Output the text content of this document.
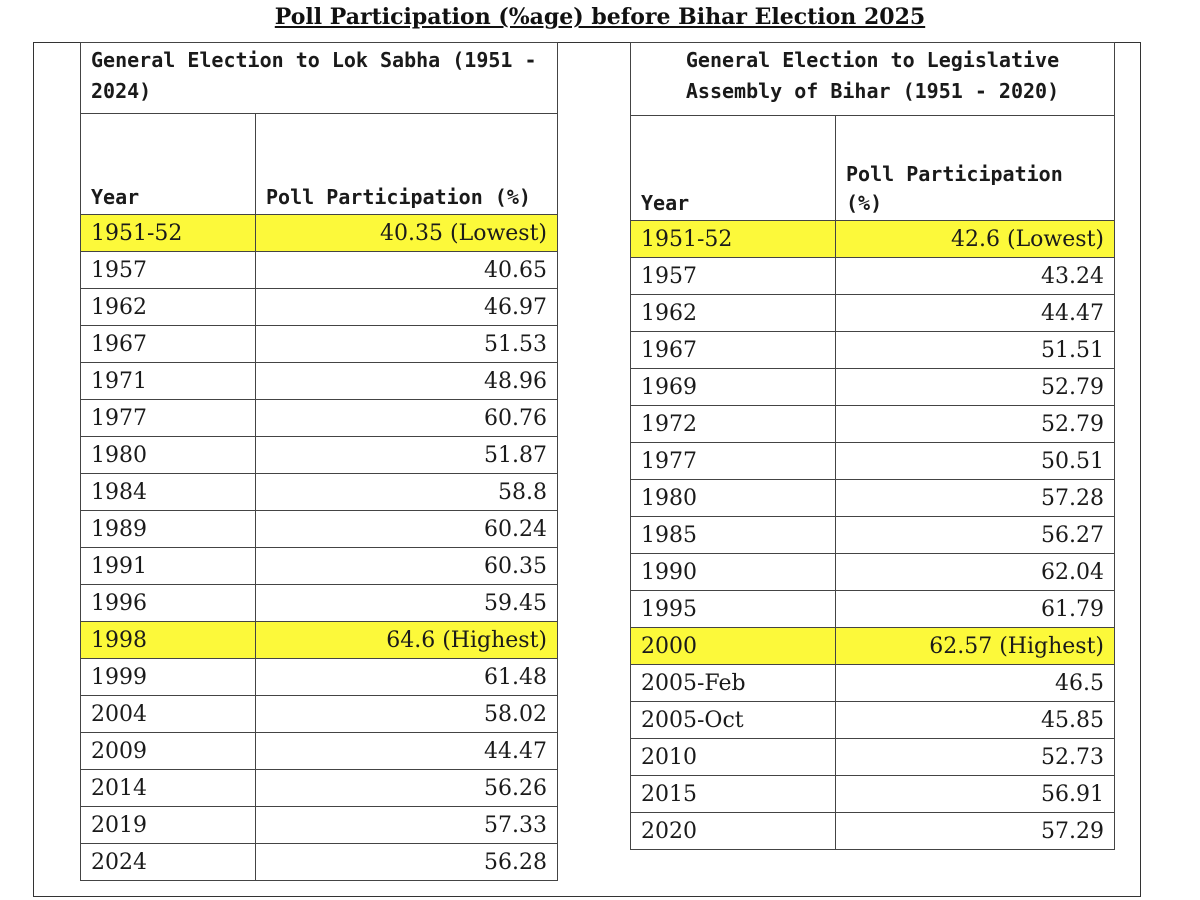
Poll Participation (%age) before Bihar Election 2025
General Election to Lok Sabha (1951 - 2024)	
Year	Poll Participation (%)
1951-52	40.35 (Lowest)
1957	40.65
1962	46.97
1967	51.53
1971	48.96
1977	60.76
1980	51.87
1984	58.8
1989	60.24
1991	60.35
1996	59.45
1998	64.6 (Highest)
1999	61.48
2004	58.02
2009	44.47
2014	56.26
2019	57.33
2024	56.28
General Election to Legislative Assembly of Bihar (1951 - 2020)	
Year	Poll Participation (%)
1951-52	42.6 (Lowest)
1957	43.24
1962	44.47
1967	51.51
1969	52.79
1972	52.79
1977	50.51
1980	57.28
1985	56.27
1990	62.04
1995	61.79
2000	62.57 (Highest)
2005-Feb	46.5
2005-Oct	45.85
2010	52.73
2015	56.91
2020	57.29
